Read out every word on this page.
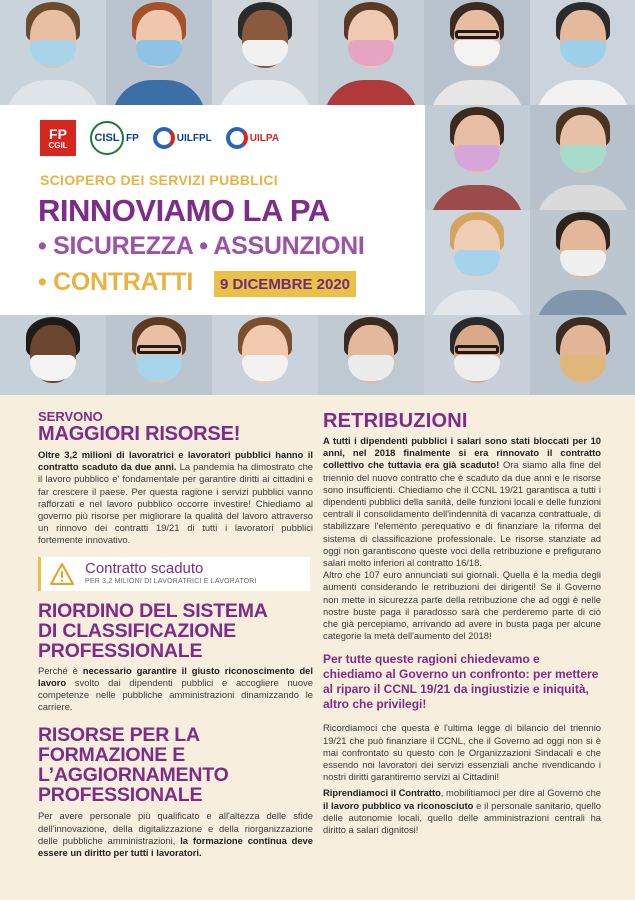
FP
CGIL
CISL FP	UILFPL	UILPA
SCIOPERO DEI SERVIZI PUBBLICI
RINNOVIAMO LA PA
• SICUREZZA • ASSUNZIONI
• CONTRATTI	9 DICEMBRE 2020
SERVONO
MAGGIORI RISORSE!

Oltre 3,2 milioni di lavoratrici e lavoratori pubblici hanno il contratto scaduto da due anni. La pandemia ha dimostrato che il lavoro pubblico e' fondamentale per garantire diritti ai cittadini e far crescere il paese. Per questa ragione i servizi pubblici vanno rafforzati e nel lavoro pubblico occorre investire! Chiediamo al governo più risorse per migliorare la qualità del lavoro attraverso un rinnovo dei contratti 19/21 di tutti i lavoratori pubblici fortemente innovativo.

Contratto scaduto
PER 3,2 MILIONI DI LAVORATRICI E LAVORATORI
RIORDINO DEL SISTEMA
DI CLASSIFICAZIONE
PROFESSIONALE

Perché è necessario garantire il giusto riconoscimento del lavoro svolto dai dipendenti pubblici e accogliere nuove competenze nelle pubbliche amministrazioni dinamizzando le carriere.

RISORSE PER LA
FORMAZIONE E
L’AGGIORNAMENTO
PROFESSIONALE

Per avere personale più qualificato e all'altezza delle sfide dell'innovazione, della digitalizzazione e della riorganizzazione delle pubbliche amministrazioni, la formazione continua deve essere un diritto per tutti i lavoratori.

RETRIBUZIONI

A tutti i dipendenti pubblici i salari sono stati bloccati per 10 anni, nel 2018 finalmente si era rinnovato il contratto collettivo che tuttavia era già scaduto! Ora siamo alla fine del triennio del nuovo contratto che è scaduto da due anni e le risorse sono insufficienti. Chiediamo che il CCNL 19/21 garantisca a tutti i dipendenti pubblici della sanità, delle funzioni locali e delle funzioni centrali il consolidamento dell'indennità di vacanza contrattuale, di stabilizzare l'elemento perequativo e di finanziare la riforma del sistema di classificazione professionale. Le risorse stanziate ad oggi non garantiscono queste voci della retribuzione e prefigurano salari molto inferiori al contratto 16/18.

Altro che 107 euro annunciati sui giornali. Quella è la media degli aumenti considerando le retribuzioni dei dirigenti! Se il Governo non mette in sicurezza parte della retribuzione che ad oggi è nelle nostre buste paga il paradosso sarà che perderemo parte di ciò che già percepiamo, arrivando ad avere in busta paga per alcune categorie la metà dell'aumento del 2018!

Per tutte queste ragioni chiedevamo e chiediamo al Governo un confronto: per mettere al riparo il CCNL 19/21 da ingiustizie e iniquità, altro che privilegi!

Ricordiamoci che questa è l'ultima legge di bilancio del triennio 19/21 che può finanziare il CCNL, che il Governo ad oggi non si è mai confrontato su questo con le Organizzazioni Sindacali e che essendo noi lavoratori dei servizi essenziali anche rivendicando i nostri diritti garantiremo servizi ai Cittadini!

Riprendiamoci il Contratto, mobilitiamoci per dire al Governo che il lavoro pubblico va riconosciuto e il personale sanitario, quello delle autonomie locali, quello delle amministrazioni centrali ha diritto a salari dignitosi!
